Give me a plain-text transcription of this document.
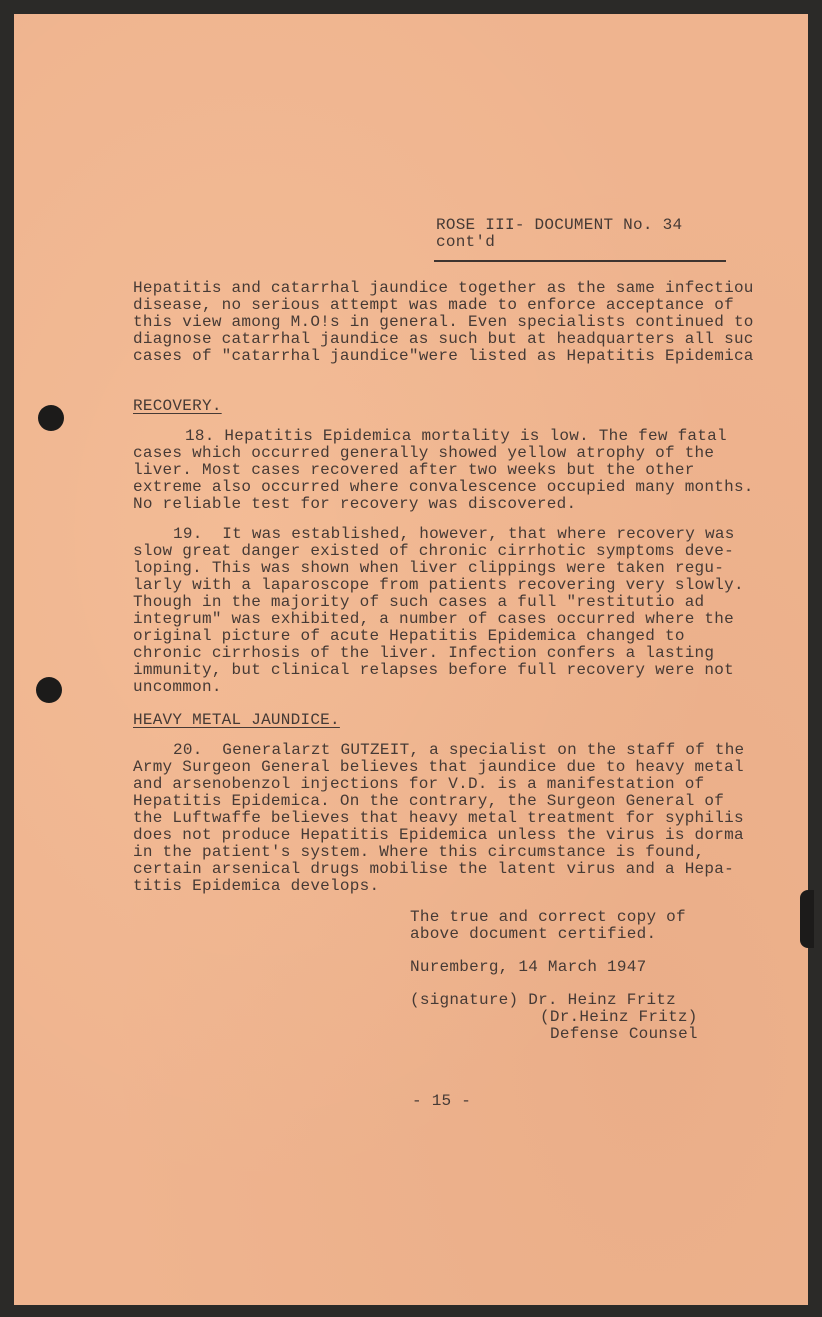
ROSE III- DOCUMENT No. 34
cont'd
Hepatitis and catarrhal jaundice together as the same infectiou
disease, no serious attempt was made to enforce acceptance of
this view among M.O!s in general. Even specialists continued to
diagnose catarrhal jaundice as such but at headquarters all suc
cases of "catarrhal jaundice"were listed as Hepatitis Epidemica
RECOVERY.
18. Hepatitis Epidemica mortality is low. The few fatal
cases which occurred generally showed yellow atrophy of the
liver. Most cases recovered after two weeks but the other
extreme also occurred where convalescence occupied many months.
No reliable test for recovery was discovered.
19.  It was established, however, that where recovery was
slow great danger existed of chronic cirrhotic symptoms deve-
loping. This was shown when liver clippings were taken regu-
larly with a laparoscope from patients recovering very slowly.
Though in the majority of such cases a full "restitutio ad
integrum" was exhibited, a number of cases occurred where the
original picture of acute Hepatitis Epidemica changed to
chronic cirrhosis of the liver. Infection confers a lasting
immunity, but clinical relapses before full recovery were not
uncommon.
HEAVY METAL JAUNDICE.
20.  Generalarzt GUTZEIT, a specialist on the staff of the
Army Surgeon General believes that jaundice due to heavy metal
and arsenobenzol injections for V.D. is a manifestation of
Hepatitis Epidemica. On the contrary, the Surgeon General of
the Luftwaffe believes that heavy metal treatment for syphilis
does not produce Hepatitis Epidemica unless the virus is dorma
in the patient's system. Where this circumstance is found,
certain arsenical drugs mobilise the latent virus and a Hepa-
titis Epidemica develops.
The true and correct copy of
above document certified.
Nuremberg, 14 March 1947
(signature) Dr. Heinz Fritz
(Dr.Heinz Fritz)
Defense Counsel
- 15 -
